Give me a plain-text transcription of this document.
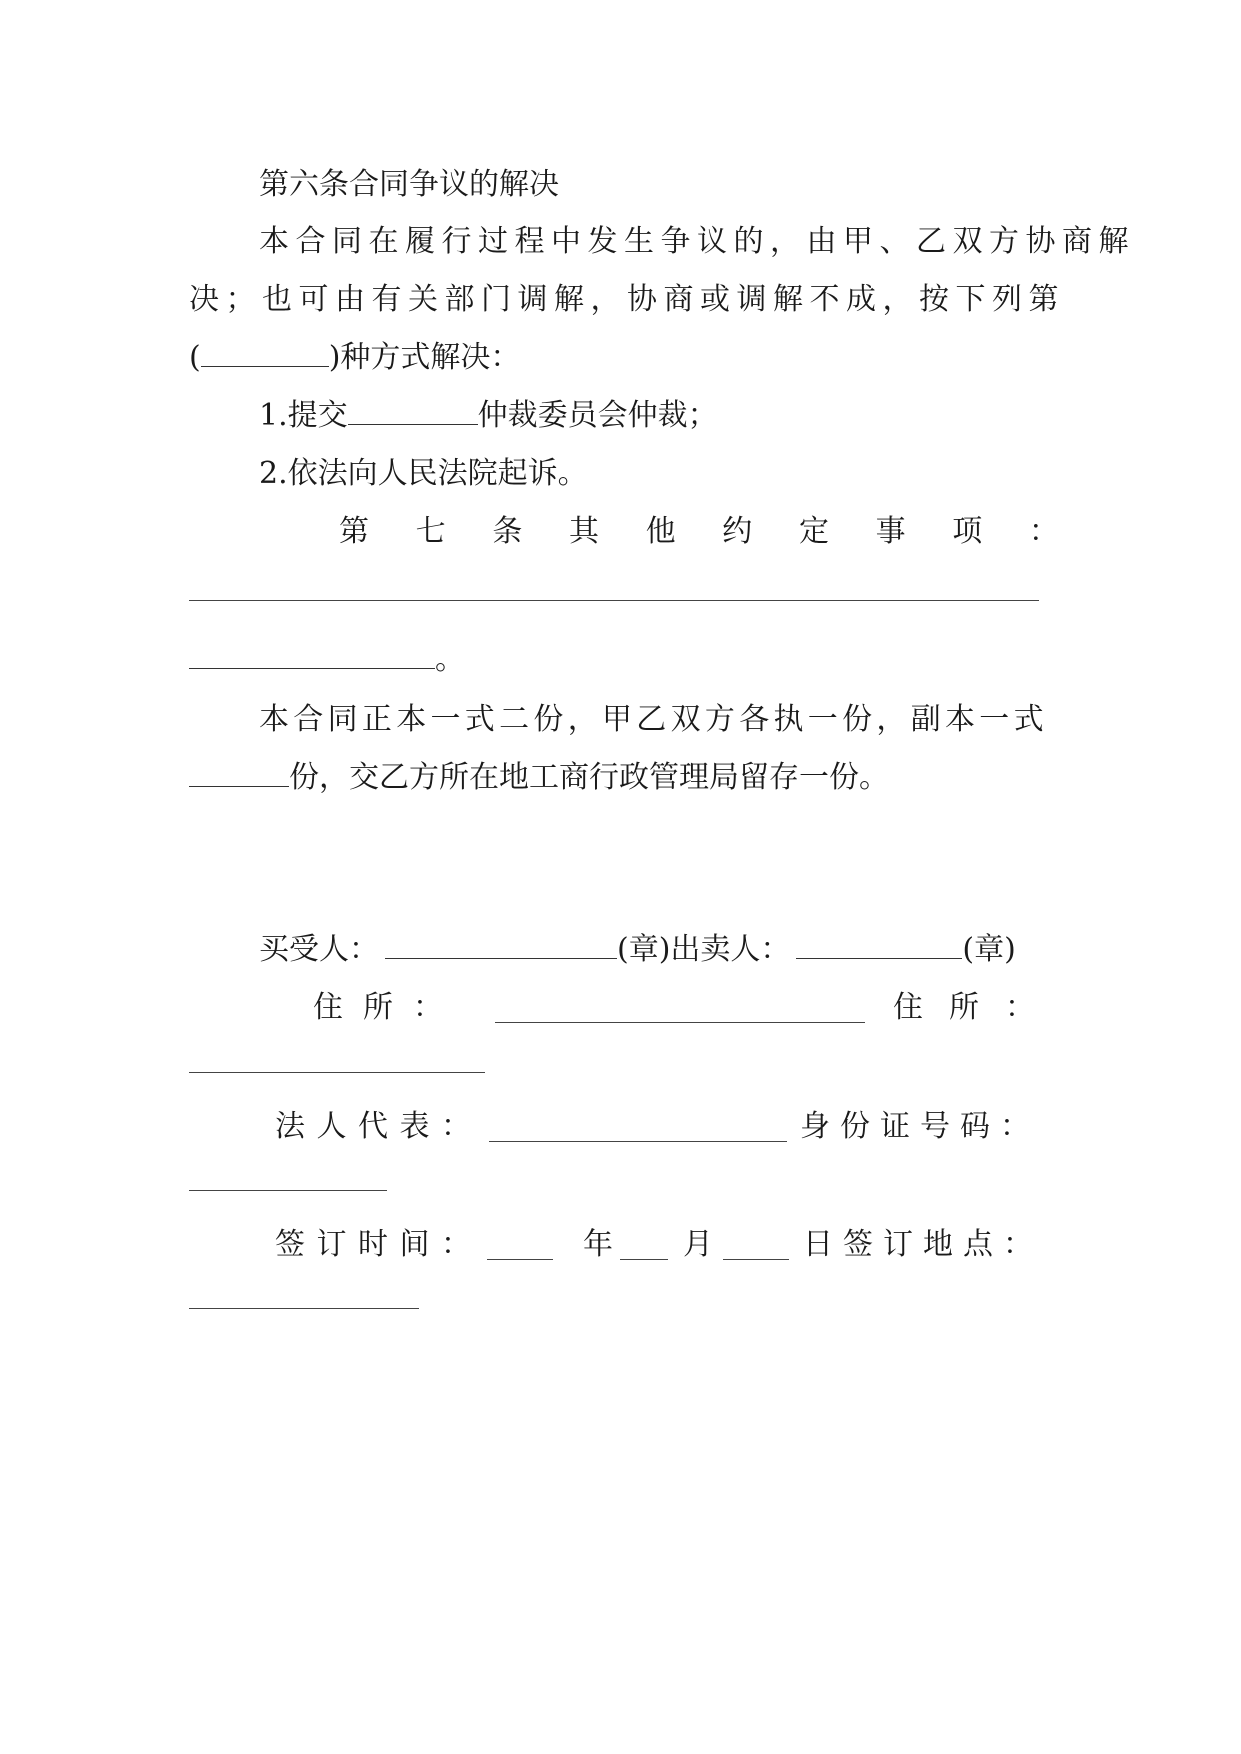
第六条合同争议的解决
本合同在履行过程中发生争议的，由甲、乙双方协商解
决；也可由有关部门调解，协商或调解不成，按下列第
(	)种方式解决：
1.提交	仲裁委员会仲裁；
2.依法向人民法院起诉。
第 七 条 其 他 约 定 事 项 ：
。
本合同正本一式二份，甲乙双方各执一份，副本一式
份，交乙方所在地工商行政管理局留存一份。
买受人：	(章)出卖人：	(章)
住 所 ：	住 所 ：
法 人 代 表 ：	身 份 证 号 码 ：
签 订 时 间 ：	年	月	日 签 订 地 点 ：
